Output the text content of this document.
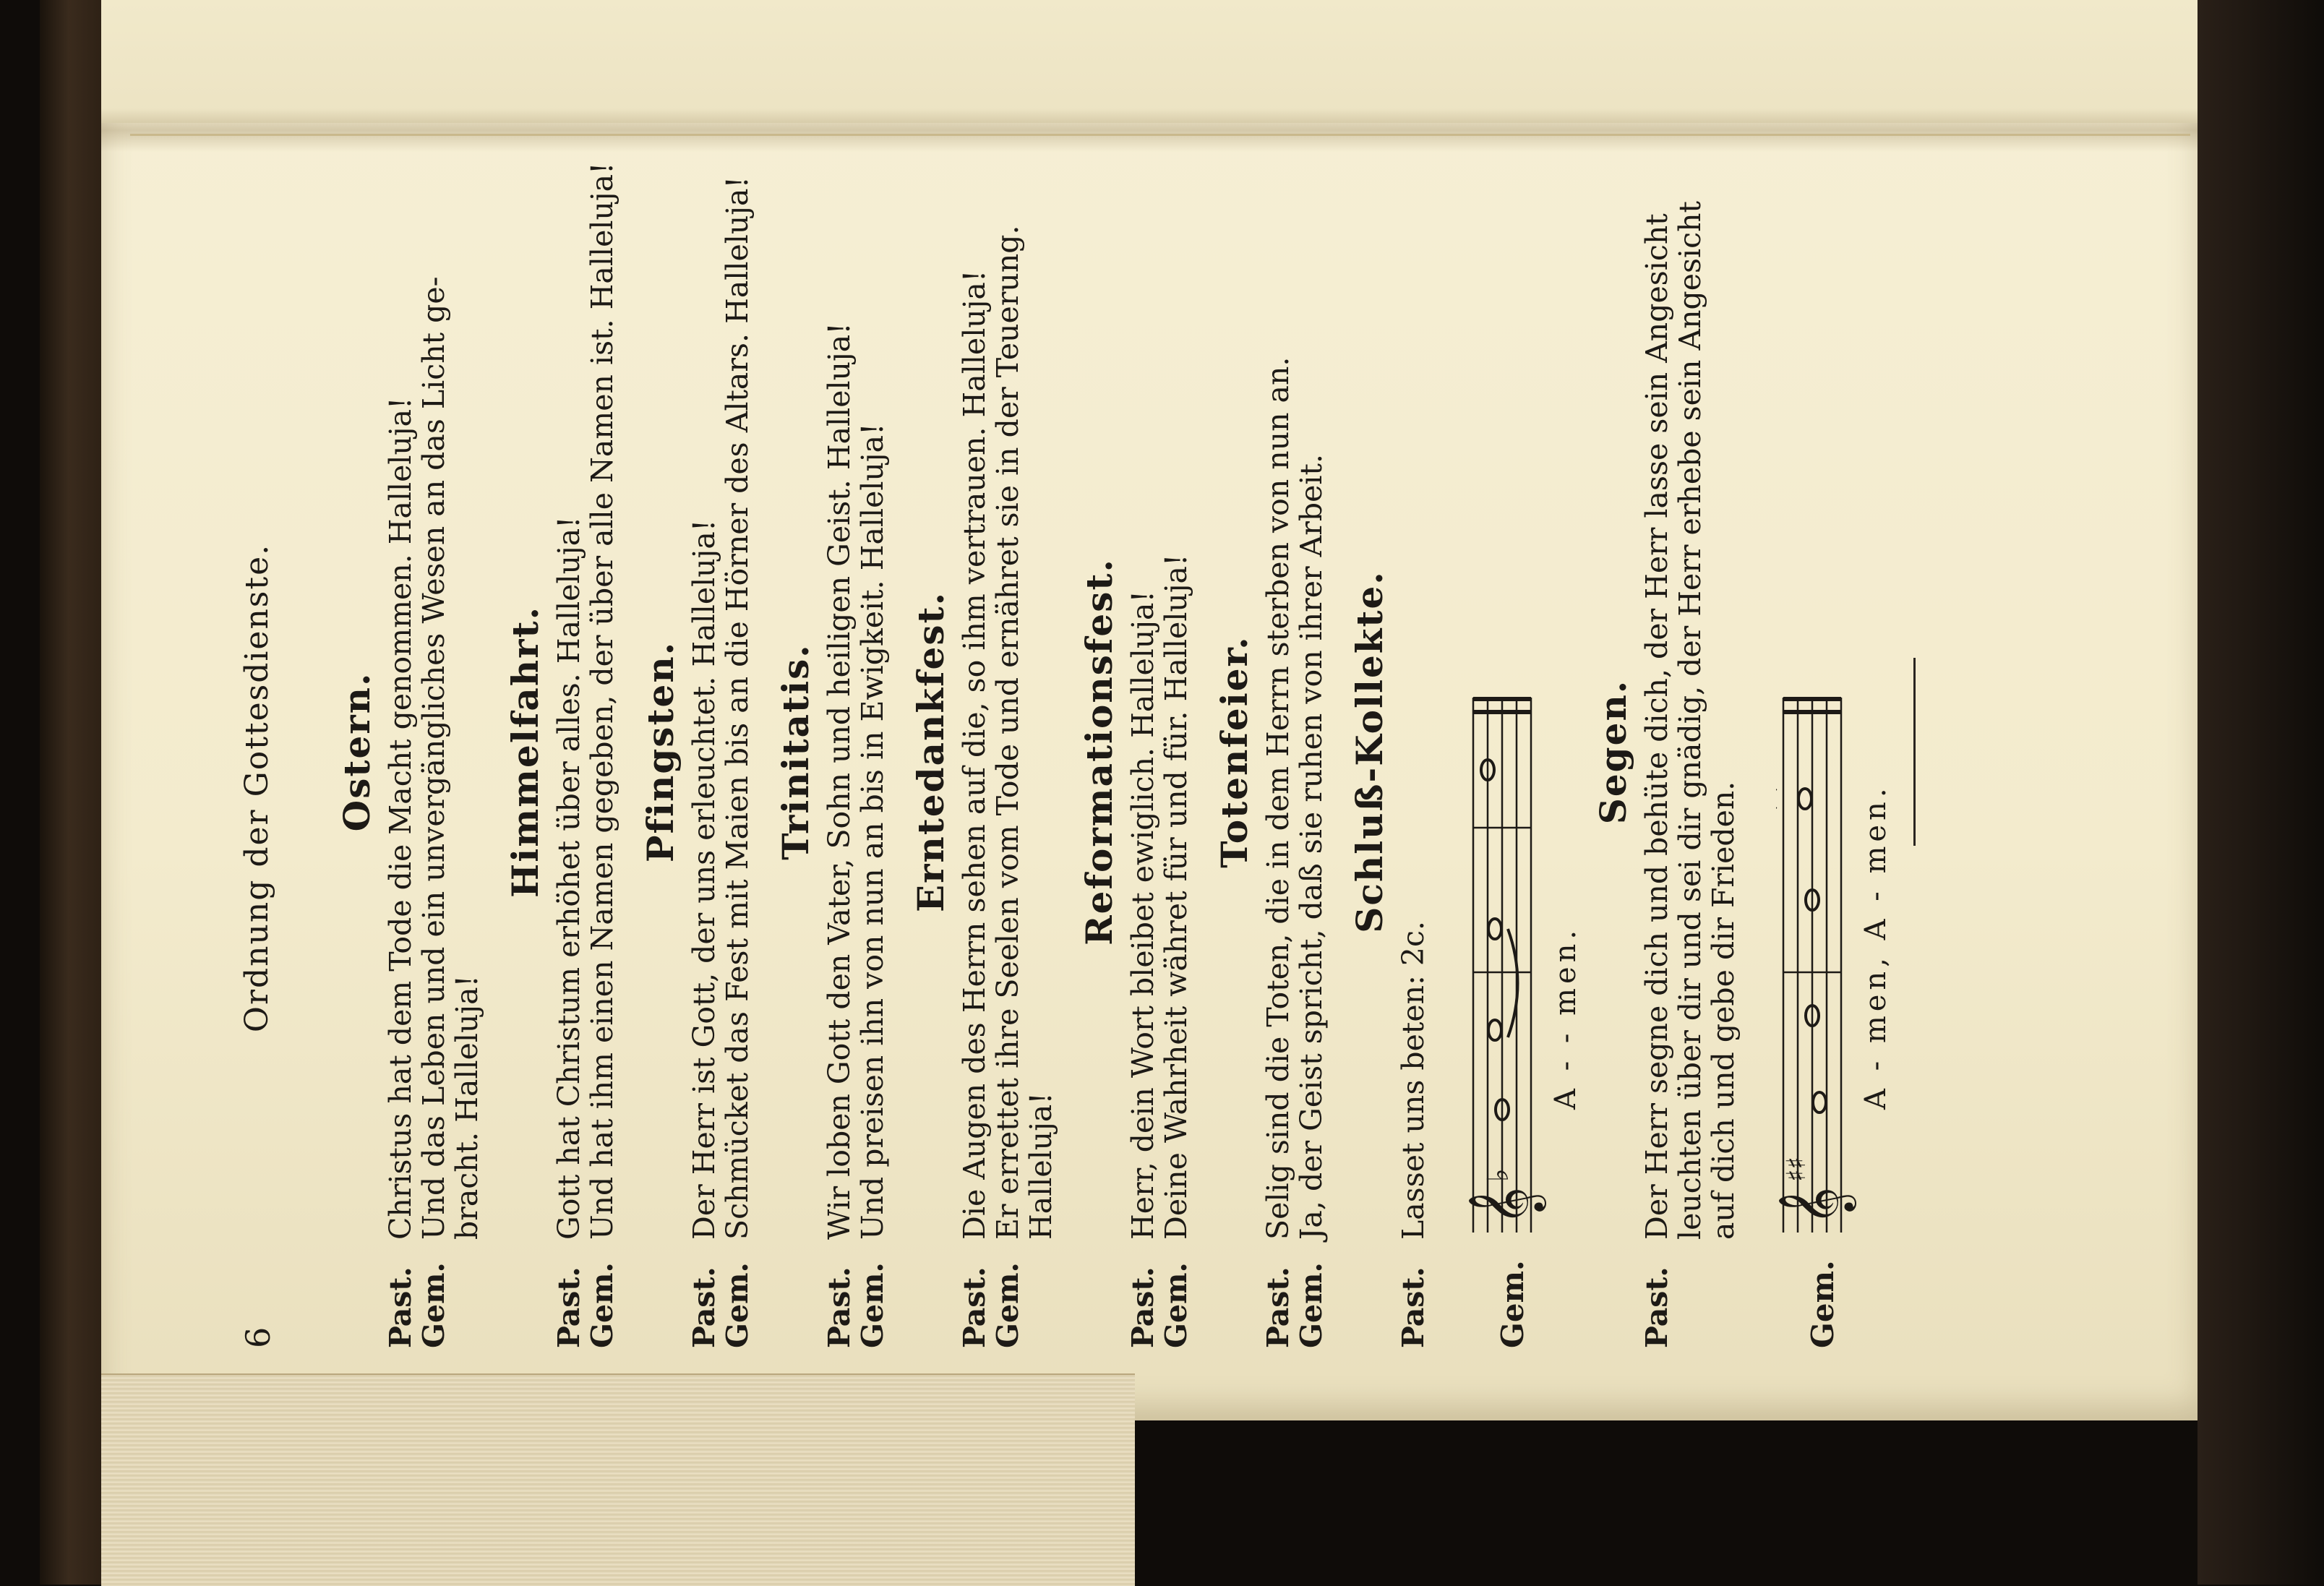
6
Ordnung der Gottesdienste. Ostern.
Past.
Christus hat dem Tode die Macht genommen. Halleluja!
Gem.
Und das Leben und ein unvergängliches Wesen an das Licht ge-
bracht. Halleluja!
Himmelfahrt.
Past.
Gott hat Christum erhöhet über alles. Halleluja!
Gem.
Und hat ihm einen Namen gegeben, der über alle Namen ist. Halleluja! Pfingsten.
Past.
Der Herr ist Gott, der uns erleuchtet. Halleluja!
Gem.
Schmücket das Fest mit Maien bis an die Hörner des Altars. Halleluja! Trinitatis.
Past.
Wir loben Gott den Vater, Sohn und heiligen Geist. Halleluja!
Gem.
Und preisen ihn von nun an bis in Ewigkeit. Halleluja! Erntedankfest.
Past.
Die Augen des Herrn sehen auf die, so ihm vertrauen. Halleluja!
Gem.
Er errettet ihre Seelen vom Tode und ernähret sie in der Teuerung.
Halleluja!
Reformationsfest.
Past.
Herr, dein Wort bleibet ewiglich. Halleluja!
Gem.
Deine Wahrheit währet für und für. Halleluja! Totenfeier.
Past.
Selig sind die Toten, die in dem Herrn sterben von nun an.
Gem.
Ja, der Geist spricht, daß sie ruhen von ihrer Arbeit. Schluß-Kollekte.
Past.
Lasset uns beten: 2c.
Gem.
𝄞
♭
A - - men.
Segen.
Past.
Der Herr segne dich und behüte dich, der Herr lasse sein Angesicht
leuchten über dir und sei dir gnädig, der Herr erhebe sein Angesicht
auf dich und gebe dir Frieden.
Gem.
𝄞
♯♯
A - men, A - men.
